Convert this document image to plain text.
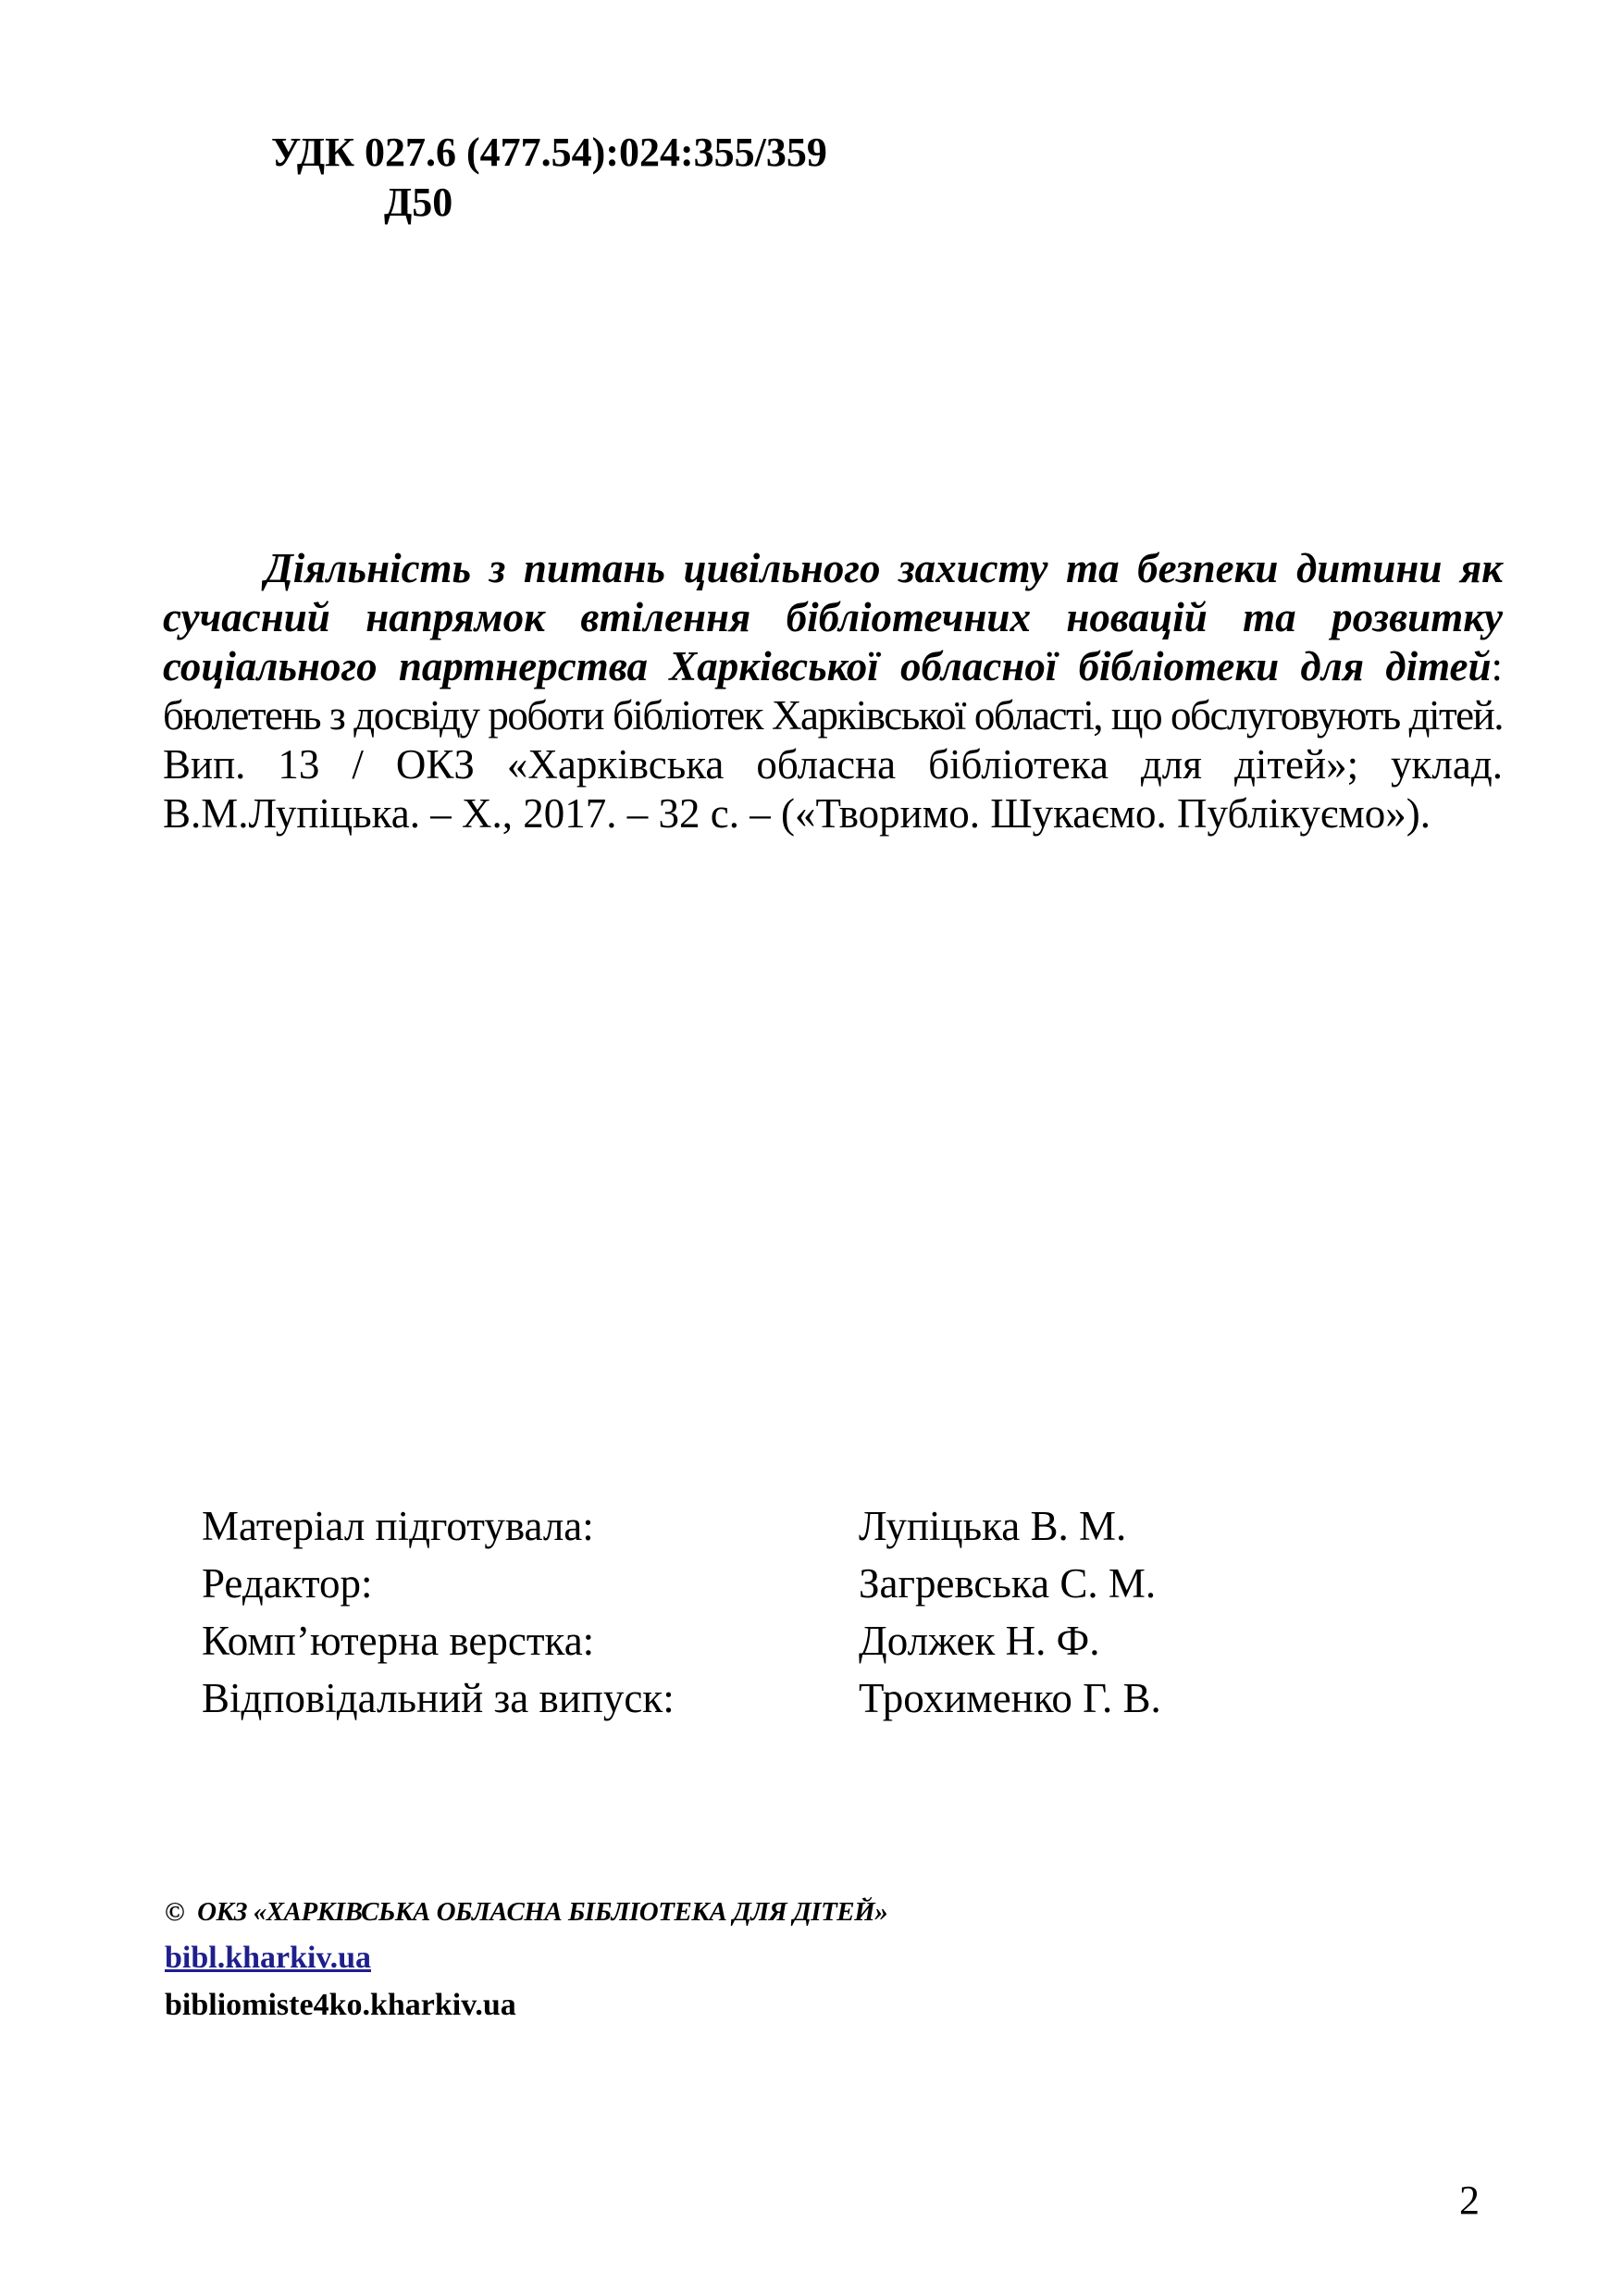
УДК 027.6 (477.54):024:355/359
Д50
Діяльність з питань цивільного захисту та безпеки дитини як сучасний напрямок втілення бібліотечних новацій та розвитку соціального партнерства Харківської обласної бібліотеки для дітей: бюлетень з досвіду роботи бібліотек Харківської області, що обслуговують дітей. Вип. 13 / ОКЗ «Харківська обласна бібліотека для дітей»; уклад. В.М.Лупіцька. – Х., 2017. – 32 с. – («Творимо. Шукаємо. Публікуємо»).
Матеріал підготувала:	Лупіцька В. М.
Редактор:	Загревська С. М.
Комп’ютерна верстка:	Должек Н. Ф.
Відповідальний за випуск:	Трохименко Г. В.
© ОКЗ «ХАРКІВСЬКА ОБЛАСНА БІБЛІОТЕКА ДЛЯ ДІТЕЙ»
bibl.kharkiv.ua
bibliomiste4ko.kharkiv.ua
2
